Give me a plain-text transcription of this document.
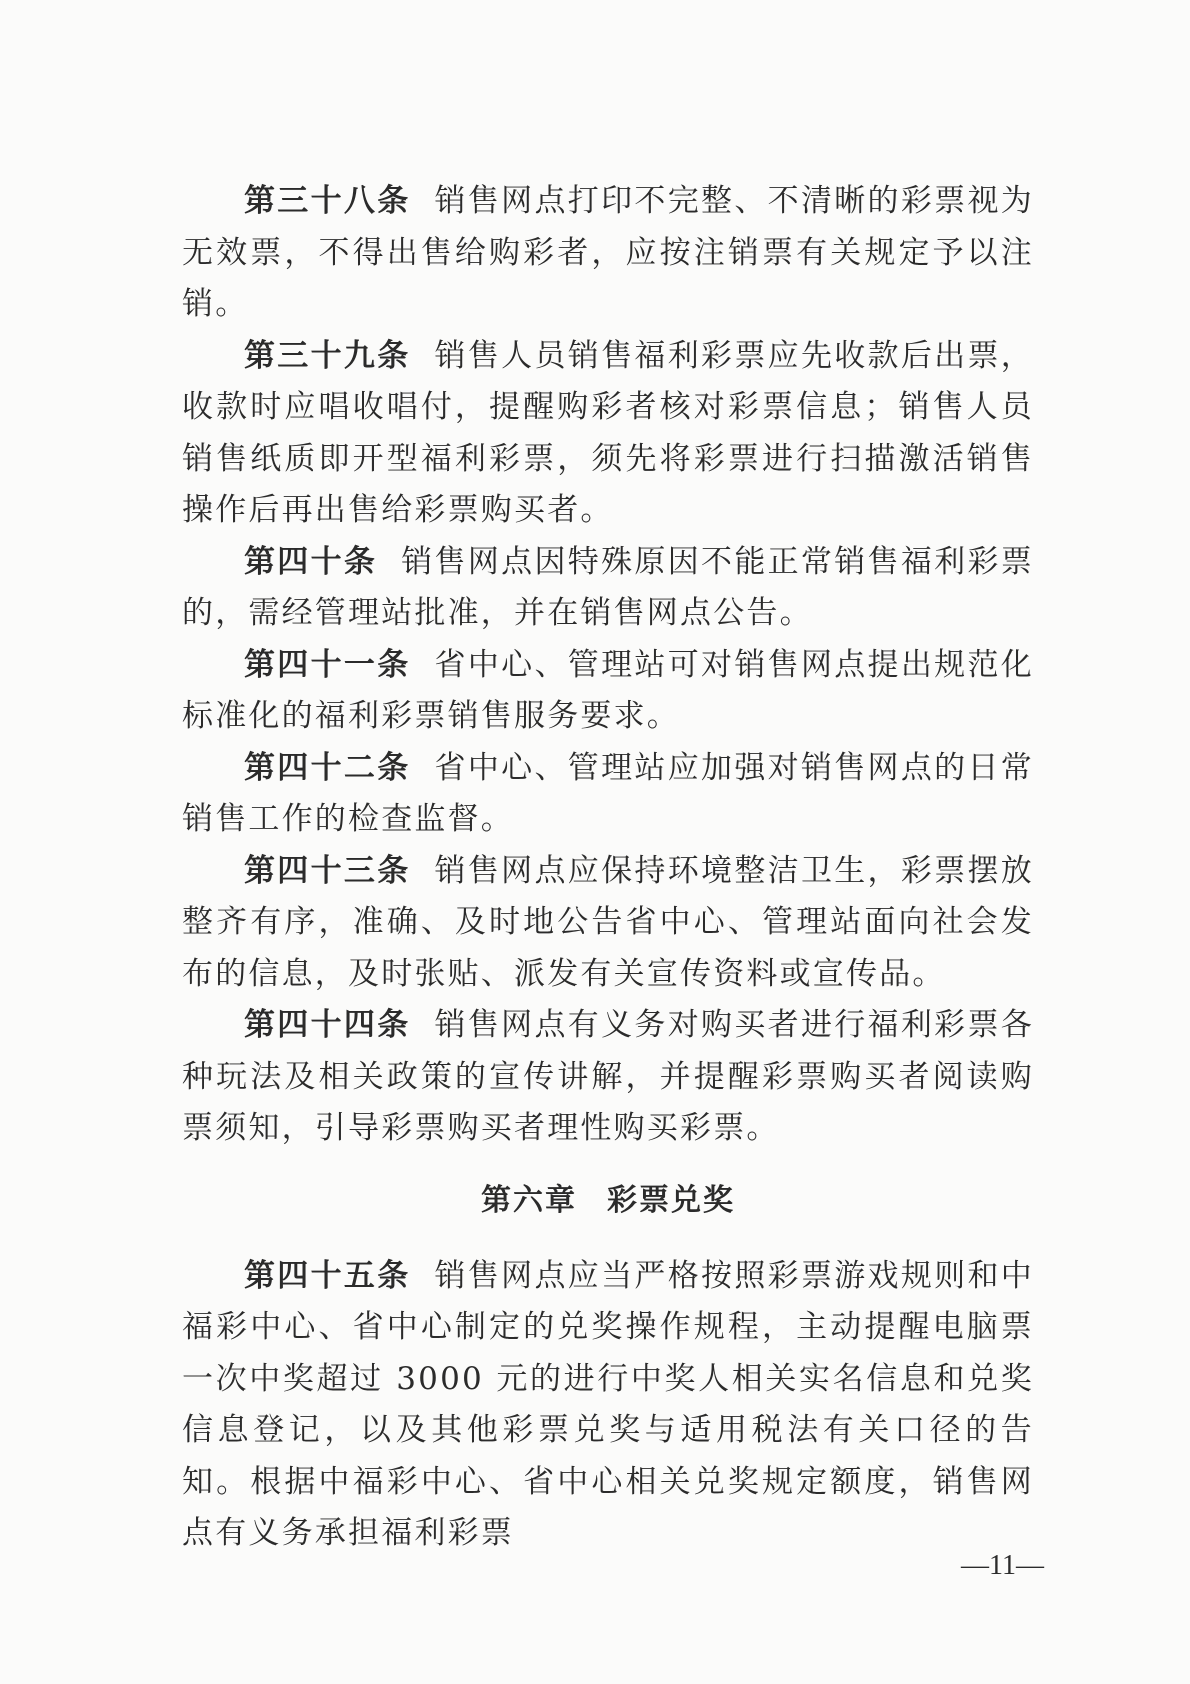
第三十八条 销售网点打印不完整、不清晰的彩票视为无效票，不得出售给购彩者，应按注销票有关规定予以注销。

第三十九条 销售人员销售福利彩票应先收款后出票，收款时应唱收唱付，提醒购彩者核对彩票信息；销售人员销售纸质即开型福利彩票，须先将彩票进行扫描激活销售操作后再出售给彩票购买者。

第四十条 销售网点因特殊原因不能正常销售福利彩票的，需经管理站批准，并在销售网点公告。

第四十一条 省中心、管理站可对销售网点提出规范化标准化的福利彩票销售服务要求。

第四十二条 省中心、管理站应加强对销售网点的日常销售工作的检查监督。

第四十三条 销售网点应保持环境整洁卫生，彩票摆放整齐有序，准确、及时地公告省中心、管理站面向社会发布的信息，及时张贴、派发有关宣传资料或宣传品。

第四十四条 销售网点有义务对购买者进行福利彩票各种玩法及相关政策的宣传讲解，并提醒彩票购买者阅读购票须知，引导彩票购买者理性购买彩票。

第六章 彩票兑奖

第四十五条 销售网点应当严格按照彩票游戏规则和中福彩中心、省中心制定的兑奖操作规程，主动提醒电脑票一次中奖超过 3000 元的进行中奖人相关实名信息和兑奖信息登记，以及其他彩票兑奖与适用税法有关口径的告知。根据中福彩中心、省中心相关兑奖规定额度，销售网点有义务承担福利彩票

—11—
